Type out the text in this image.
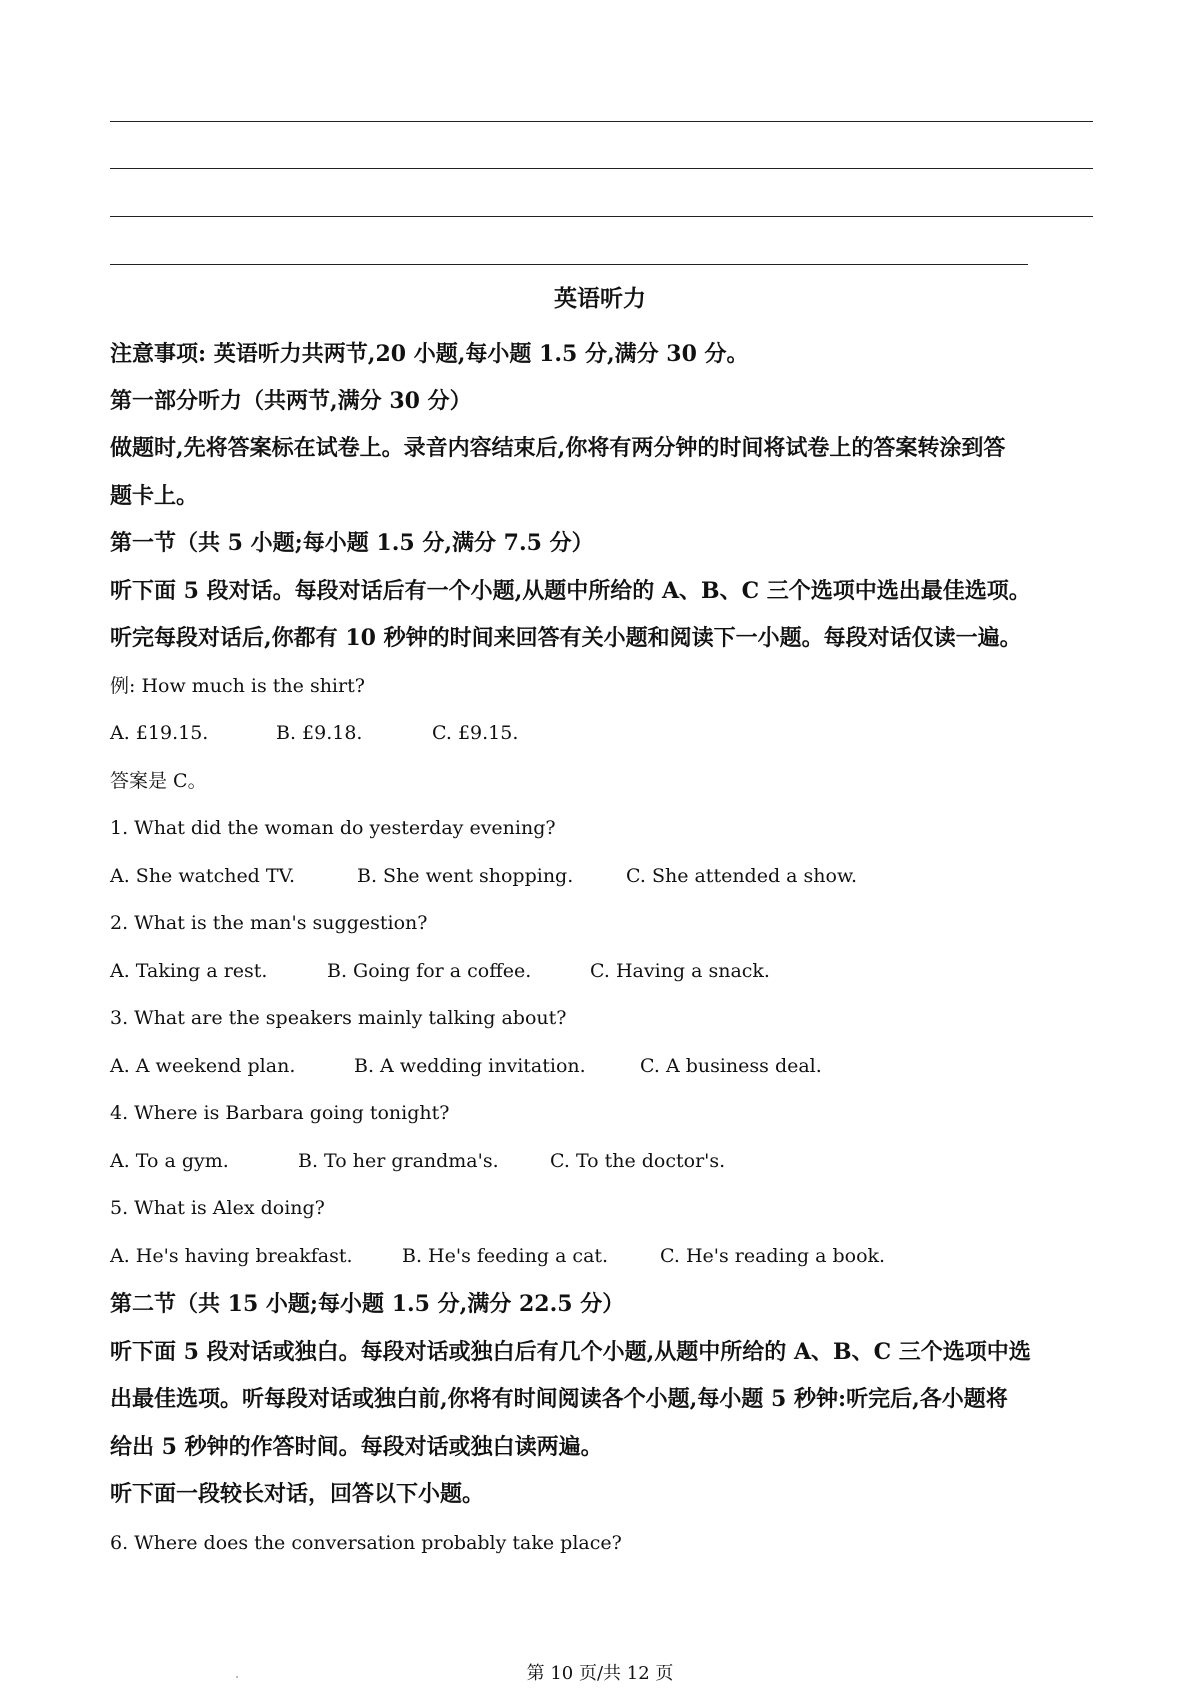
英语听力
注意事项: 英语听力共两节,20 小题,每小题 1.5 分,满分 30 分。
第一部分听力（共两节,满分 30 分）
做题时,先将答案标在试卷上。录音内容结束后,你将有两分钟的时间将试卷上的答案转涂到答
题卡上。
第一节（共 5 小题;每小题 1.5 分,满分 7.5 分）
听下面 5 段对话。每段对话后有一个小题,从题中所给的 A、B、C 三个选项中选出最佳选项。
听完每段对话后,你都有 10 秒钟的时间来回答有关小题和阅读下一小题。每段对话仅读一遍。
例: How much is the shirt?
A. £19.15.	B. £9.18.	C. £9.15.
答案是 C。
1. What did the woman do yesterday evening?
A. She watched TV.	B. She went shopping.	C. She attended a show.
2. What is the man's suggestion?
A. Taking a rest.	B. Going for a coffee.	C. Having a snack.
3. What are the speakers mainly talking about?
A. A weekend plan.	B. A wedding invitation.	C. A business deal.
4. Where is Barbara going tonight?
A. To a gym.	B. To her grandma's.	C. To the doctor's.
5. What is Alex doing?
A. He's having breakfast.	B. He's feeding a cat.	C. He's reading a book.
第二节（共 15 小题;每小题 1.5 分,满分 22.5 分）
听下面 5 段对话或独白。每段对话或独白后有几个小题,从题中所给的 A、B、C 三个选项中选
出最佳选项。听每段对话或独白前,你将有时间阅读各个小题,每小题 5 秒钟:听完后,各小题将
给出 5 秒钟的作答时间。每段对话或独白读两遍。
听下面一段较长对话，回答以下小题。
6. Where does the conversation probably take place?
第 10 页/共 12 页
